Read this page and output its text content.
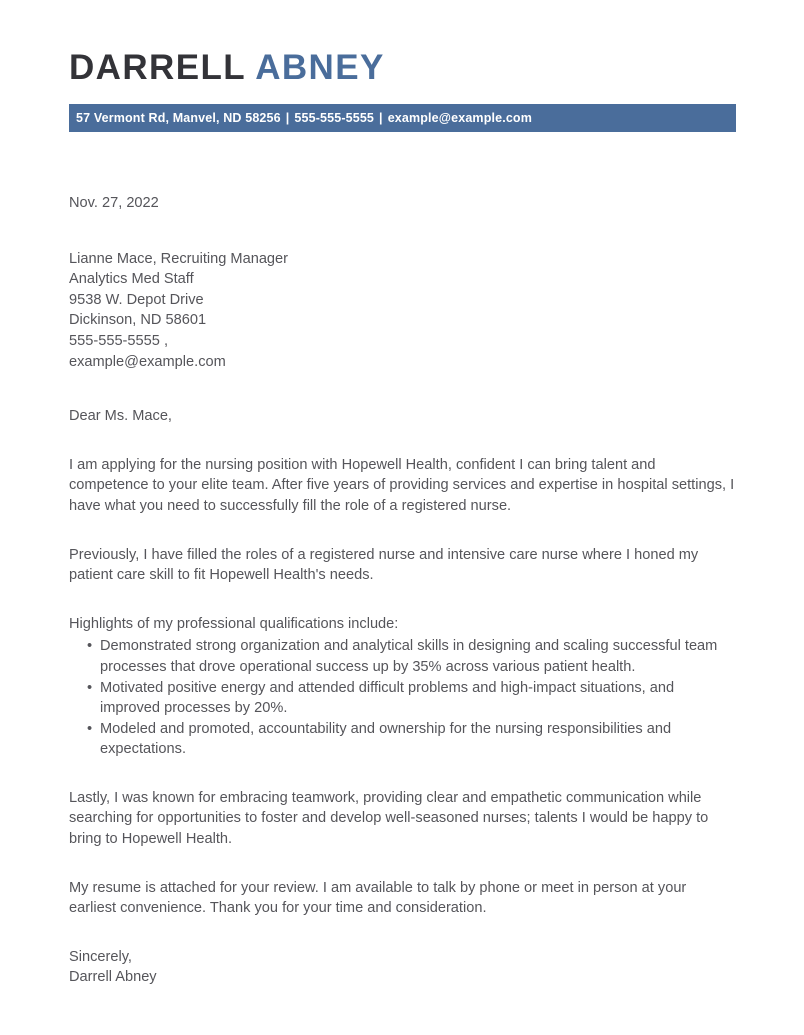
DARRELL ABNEY
57 Vermont Rd, Manvel, ND 58256 | 555-555-5555 | example@example.com
Nov. 27, 2022
Lianne Mace, Recruiting Manager
Analytics Med Staff
9538 W. Depot Drive
Dickinson, ND 58601
555-555-5555 ,
example@example.com
Dear Ms. Mace,
I am applying for the nursing position with Hopewell Health, confident I can bring talent and competence to your elite team. After five years of providing services and expertise in hospital settings, I have what you need to successfully fill the role of a registered nurse.
Previously, I have filled the roles of a registered nurse and intensive care nurse where I honed my patient care skill to fit Hopewell Health's needs.
Highlights of my professional qualifications include:
• Demonstrated strong organization and analytical skills in designing and scaling successful team processes that drove operational success up by 35% across various patient health.
• Motivated positive energy and attended difficult problems and high-impact situations, and improved processes by 20%.
• Modeled and promoted, accountability and ownership for the nursing responsibilities and expectations.
Lastly, I was known for embracing teamwork, providing clear and empathetic communication while searching for opportunities to foster and develop well-seasoned nurses; talents I would be happy to bring to Hopewell Health.
My resume is attached for your review. I am available to talk by phone or meet in person at your earliest convenience. Thank you for your time and consideration.
Sincerely,
Darrell Abney
